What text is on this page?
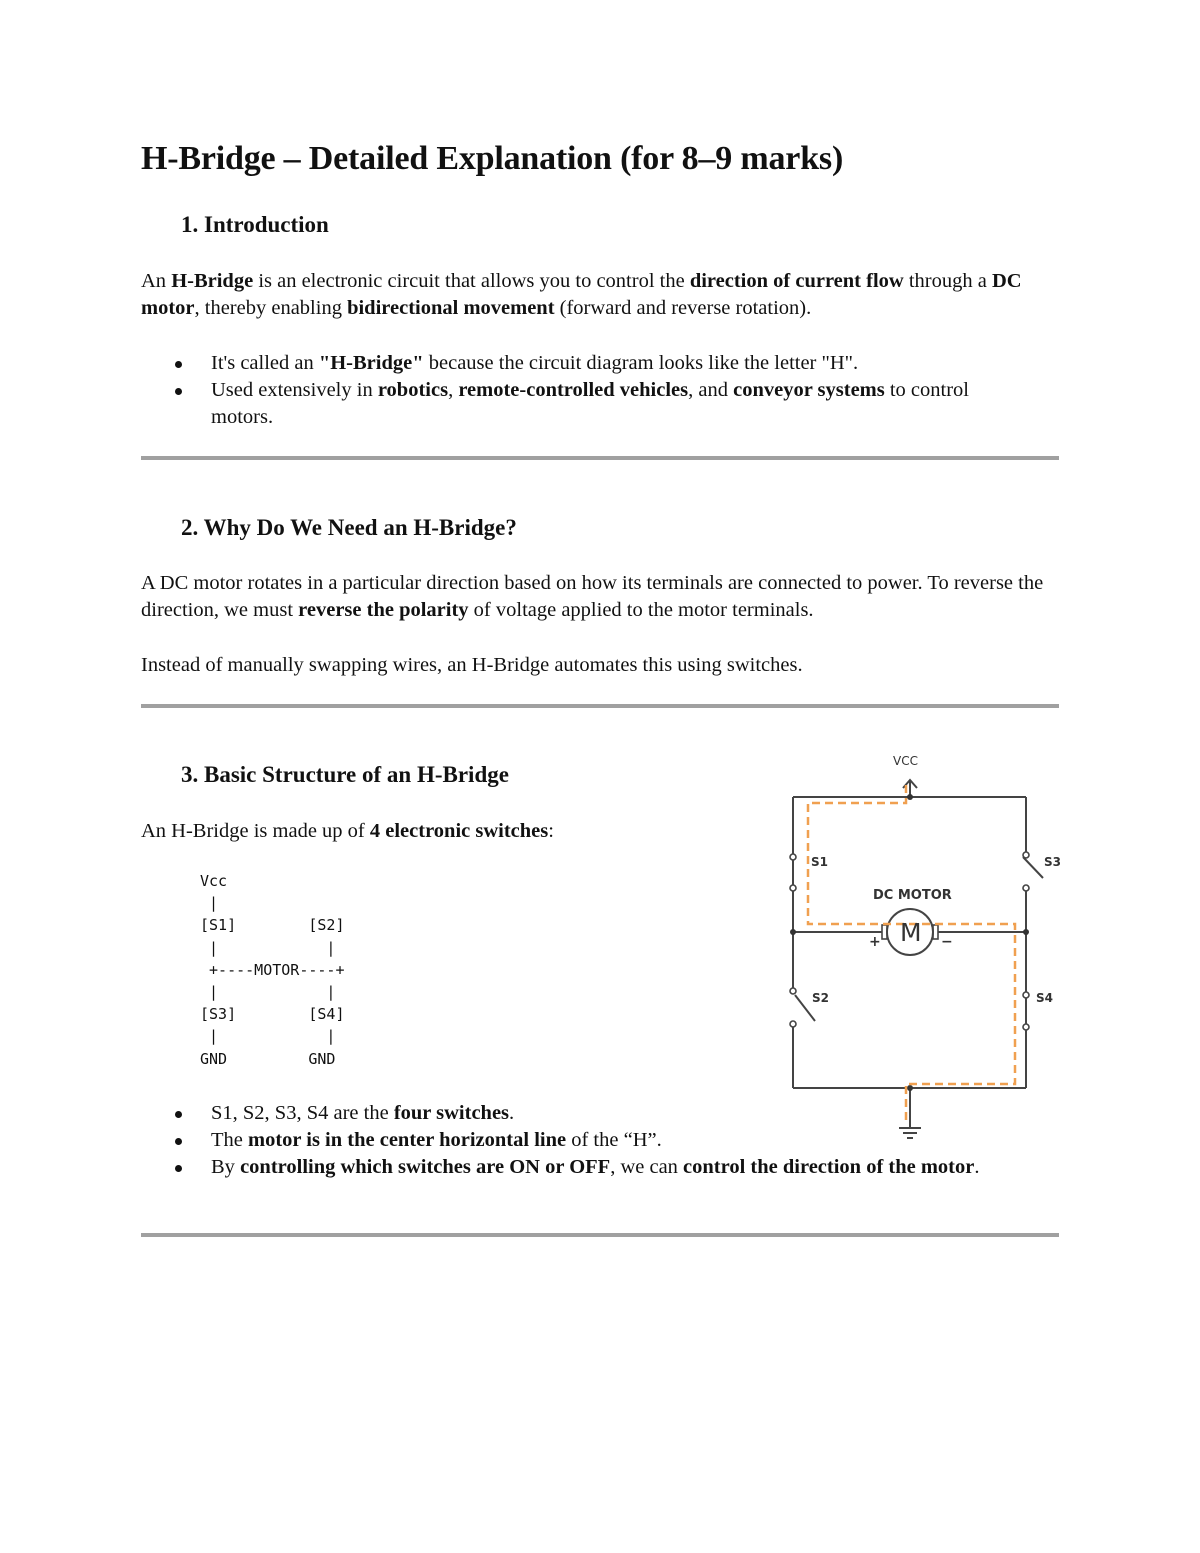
H-Bridge – Detailed Explanation (for 8–9 marks)
1. Introduction

An H-Bridge is an electronic circuit that allows you to control the direction of current flow through a DC motor, thereby enabling bidirectional movement (forward and reverse rotation).

It's called an "H-Bridge" because the circuit diagram looks like the letter "H".
Used extensively in robotics, remote-controlled vehicles, and conveyor systems to control motors.
2. Why Do We Need an H-Bridge?

A DC motor rotates in a particular direction based on how its terminals are connected to power. To reverse the direction, we must reverse the polarity of voltage applied to the motor terminals.

Instead of manually swapping wires, an H-Bridge automates this using switches.

3. Basic Structure of an H-Bridge

An H-Bridge is made up of 4 electronic switches:

Vcc
|
[S1]        [S2]
|            |
+----MOTOR----+
|            |
[S3]        [S4]
|            |
GND         GND
VCC
S1	S3
S2	S4
DC MOTOR
M
+	−
S1, S2, S3, S4 are the four switches.
The motor is in the center horizontal line of the “H”.
By controlling which switches are ON or OFF, we can control the direction of the motor.
